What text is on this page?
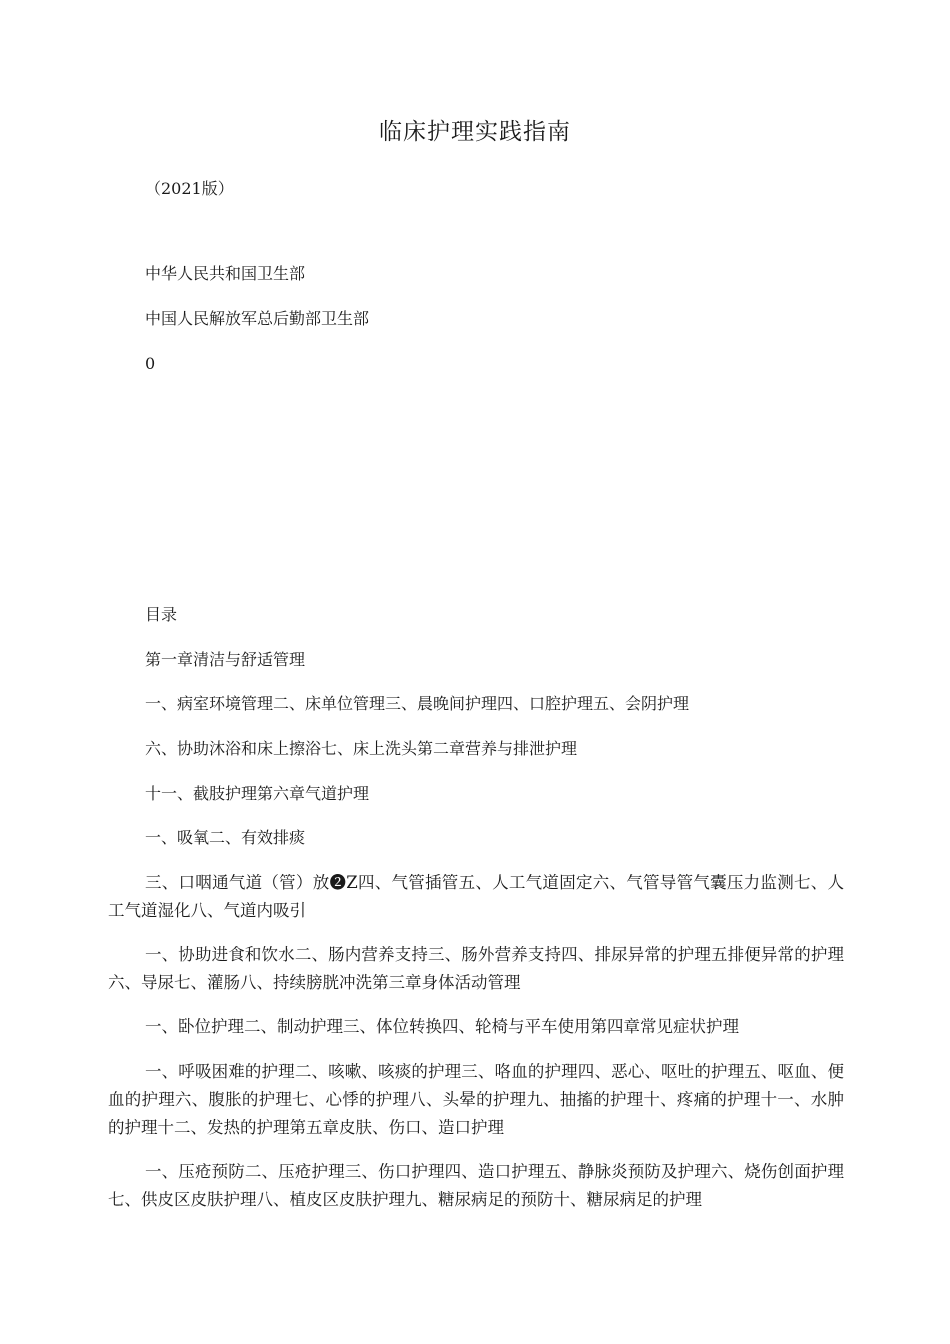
临床护理实践指南
（2021版）
中华人民共和国卫生部
中国人民解放军总后勤部卫生部
0
目录
第一章清洁与舒适管理
一、病室环境管理二、床单位管理三、晨晚间护理四、口腔护理五、会阴护理
六、协助沐浴和床上擦浴七、床上洗头第二章营养与排泄护理
十一、截肢护理第六章气道护理
一、吸氧二、有效排痰
三、口咽通气道（管）放❷Z四、气管插管五、人工气道固定六、气管导管气囊压力监测七、人工气道湿化八、气道内吸引
一、协助进食和饮水二、肠内营养支持三、肠外营养支持四、排尿异常的护理五排便异常的护理六、导尿七、灌肠八、持续膀胱冲洗第三章身体活动管理
一、卧位护理二、制动护理三、体位转换四、轮椅与平车使用第四章常见症状护理
一、呼吸困难的护理二、咳嗽、咳痰的护理三、咯血的护理四、恶心、呕吐的护理五、呕血、便血的护理六、腹胀的护理七、心悸的护理八、头晕的护理九、抽搐的护理十、疼痛的护理十一、水肿的护理十二、发热的护理第五章皮肤、伤口、造口护理
一、压疮预防二、压疮护理三、伤口护理四、造口护理五、静脉炎预防及护理六、烧伤创面护理七、供皮区皮肤护理八、植皮区皮肤护理九、糖尿病足的预防十、糖尿病足的护理
